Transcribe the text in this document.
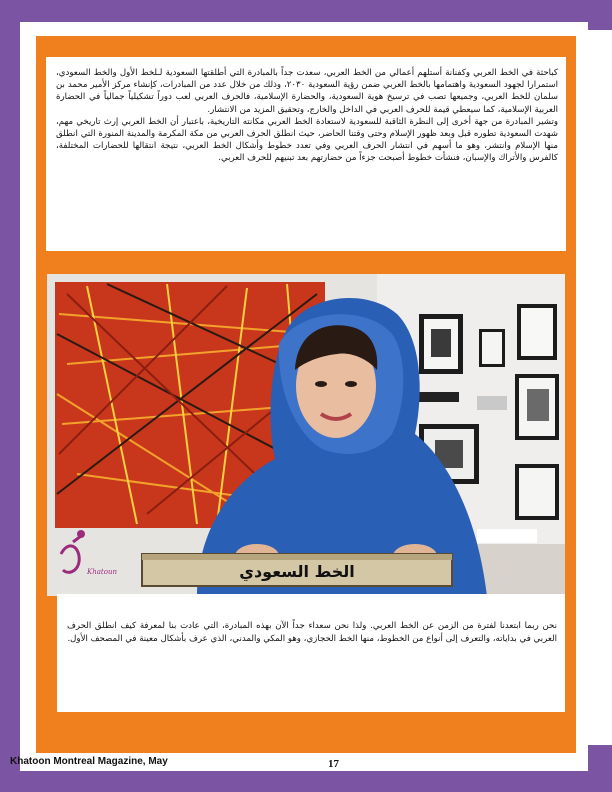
كباحثة في الخط العربي وكفنانة أستلهم أعمالي من الخط العربي، سعدت جداً بالمبادرة التي أطلقتها السعودية لـلخط الأول والخط السعودي، استمرارا لجهود السعودية واهتمامها بالخط العربي ضمن رؤية السعودية ٢٠٣٠، وذلك من خلال عدد من المبادرات، كإنشاء مركز الأمير محمد بن سلمان للخط العربي، وجميعها تصب في ترسيخ هوية السعودية، والحضارة الإسلامية، فالحرف العربي لعب دوراً تشكيلياً جمالياً في الحضارة العربية الإسلامية، كما سيعطي قيمة للحرف العربي في الداخل والخارج، وتحقيق المزيد من الانتشار.

وتشير المبادرة من جهة أخرى إلى النظرة الثاقبة للسعودية لاستعادة الخط العربي مكانته التاريخية، باعتبار أن الخط العربي إرث تاريخي مهم، شهدت السعودية تطوره قبل وبعد ظهور الإسلام وحتى وقتنا الحاضر، حيث انطلق الحرف العربي من مكة المكرمة والمدينة المنورة التي انطلق منها الإسلام وانتشر، وهو ما أسهم في انتشار الحرف العربي وفي تعدد خطوط وأشكال الخط العربي، نتيجة انتقالها للحضارات المختلفة، كالفرس والأتراك والإسبان، فنشأت خطوط أصبحت جزءاً من حضارتهم بعد تبنيهم للحرف العربي.

الخط السعودي
Khatoun

نحن ربما ابتعدنا لفترة من الزمن عن الخط العربي. ولذا نحن سعداء جداً الآن بهذه المبادرة، التي عادت بنا لمعرفة كيف انطلق الحرف العربي في بداياته، والتعرف إلى أنواع من الخطوط، منها الخط الحجازي، وهو المكي والمدني، الذي عرف بأشكال معينة في المصحف الأول.

Khatoon Montreal Magazine, May	17
